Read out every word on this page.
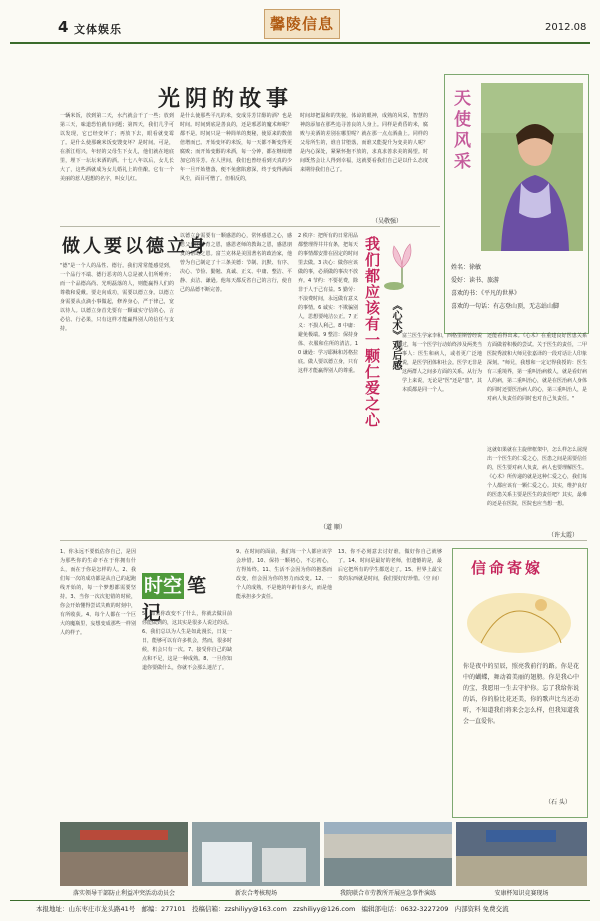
4 文体娱乐	馨陵信息	2012.08
光阴的故事
一辆米饭，放到第二天，水汽就会干了一些；放到第三天，味道恐怕就有问题；第四天，我们几乎可以发现，它已经变坏了；再放下去，眼看就变霉了。是什么使那碗米饭变馊变坏？是时间。可是，在浙江绍兴，年轻的父母生下女儿，他们就在地底里，埋下一坛坛米酒的酒。十七八年以后，女儿长大了，这些酒就成为女儿婚礼上的佳酿。它有一个美丽的惹人遐想的名字，叫女儿红。
是什么使那些平凡的米，变成芬芳甘醇的酒？也是时间。时间到底是善良的，还是邪恶的魔术师呢？都不是。时间只是一种简单的奥秘，使原来的数值倍增而已。开始变坏的米饭，每一天都不断变得更腐败；而开始变醇的米酒，每一分钟，都在继续增加它的芬芳。在人世间，我们也曾经看到天真的少年一旦开始堕落，便不免愈陷愈深，终于变得满面风尘，面目可憎了。但相反的，
时间却把温和的笑貌，体谅的眼神，成熟的风采，智慧的神韵添加在那些追寻善良的人身上。同样是黄昏的米，腐败与美酒的差别在哪里呢？就在那一点点酒曲上。同样的父母所生的，谁自甘堕落，而谁又能提升为变美的人呢？是内心深处，紧紧怀抱不放的，求真求善求美的渴望。时间既然会让人得到幸福，这就要看我们自己是以什么态度来期待我们自己了。
（吴敬强）
天使风采
姓名：徐敏
爱好：读书、旅游
喜欢的书：《平凡的世界》
喜欢的一句话：有志登山顶，无志站山脚
做人要以德立身
"德"是一个人的品性、德行。我们常常能感觉到，一个品行不端、德行恶劣的人总是被人们所唾弃；而一个品德高尚、光明磊落的人，则能赢得人们的尊敬和爱戴。要走向成功，需要以德立身。以德立身需要从点滴小事做起，修养身心，严于律己，宽以待人。以德立身首先要有一颗诚实守信的心，言必信、行必果，只有这样才能赢得别人的信任与支持。
以德立身需要有一颗感恩的心，常怀感恩之心，感恩父母的养育之恩，感恩老师的教诲之恩，感恩朋友的帮助之恩。富兰克林是美国著名的政治家，他曾为自己制定了十三条美德：节制、沉默、有序、决心、节俭、勤勉、真诚、正义、中庸、整洁、平静、贞洁、谦逊。他每天都反省自己的言行，使自己的品德不断完善。
2 秩序：把所有的日常用品都整理得井井有条，把每天的事情都安排在固定的时间里去做。3 决心：做你应该做的事，必须做的事决不放弃。4 节约：不要花费，除非于人于己有益。5 勤劳：不浪费时间，永远做有意义的事情。6 诚实：不欺骗别人，思想要纯洁公正。7 正义：不损人利己。8 中庸：避免极端。9 整洁：保持身体、衣服和住所的清洁。10 谦逊：学习耶稣和苏格拉底。做人要以德立身，只有这样才能赢得别人的尊重。
（道 顺）
我们都应该有一颗仁爱之心 《心术》观后感 富兰医生学家李和，西格里斯曾经说过，每一个医学行动始终涉及两类当事人：医生和病人，或者更广泛地说，是医学团体和社会。医学无非是这两群人之间多方面的关系。从行为学上来说，无论是"医"还是"患"，其本质都是同一个人。
还能看得出来。《心术》在重建良好医患关系方面做着积极的尝试。关于医生的责任，二甲医院秀波和大师兄张嘉译的一段对话让人印象深刻。"师兄，我想和一定记得我授的：医生有三重境界，第一重叫治病救人，就是看好病人的病，第二重叫治心，就是在医治病人身体的同时还要医治病人的心，第三重叫治人，是对病人负责任的同时也对自己负责任。"
这就如果就在主旋律框架中，怎么样怎么展现出一个医生的仁爱之心，医患之间是需要信任的，医生要对病人负责，病人也要理解医生。《心术》所传递的就是这种仁爱之心，我们每个人都应该有一颗仁爱之心。其实，维护良好的医患关系主要是医生的责任吧？其实，最难的还是在医院，医院也应当想一想。
（许太霞）
时空 笔记
1、你永远不要低估你自己，是因为那些你的生命不在于你拥有什么，而在于你是怎样的人。2、我们每一次的成功都是从自己的起跑线开始的，每一个梦想都需要坚持。3、当你一次次犯错的时候，你会开始懂得尝试失败的时刻中，有所收获。4、每个人都在一个巨大的魔瓶里，妄想变成那些一样别人的样子。
5、如果你改变不了什么，你就去做目前你能做到的，这其实是很多人说过的话。6、我们总以为人生是如此漫长，日复一日，能够可以有许多机会，然而，很多时候，机会只有一次。7、接受你自己的缺点和不足，这是一种成熟。8、一旦你知道你要做什么，你就不会那么迷茫了。
9、在时间的面前，我们每一个人都应该学会珍惜。10、保持一颗初心，不忘初心，方得始终。11、生活不会因为你的抱怨而改变，但会因为你的努力而改变。12、一个人的成熟，不是他的年龄有多大，而是他能承担多少责任。
13、你不必刻意去讨好谁，做好你自己就够了。14、时间是最好的老师，但遗憾的是，最后它把所有的学生都送走了。15、世界上最宝贵的东西就是时间，我们要好好珍惜。（空 间）
信命寄嫁
你是夜中的星辰，照亮我前行的路。你是花中的蝴蝶，舞动着美丽的翅膀。你是我心中的宝，我愿用一生去守护你。忘了我给你说的话，你的脸比花还美，你的歌声比鸟还动听，不知道我们将来会怎么样，但我知道我会一直爱你。
（石 头）
落实领导干部防止利益冲突活动动员会	新农合考核现场	我院联合市劳教所开展应急事件演练	安康杯知识竞赛现场
本报地址：山东枣庄市龙头路41号 邮编：277101 投稿信箱：zzshiliyy@163.com zzshiliyy@126.com 编辑部电话：0632-3227209 内部资料 免费交流
